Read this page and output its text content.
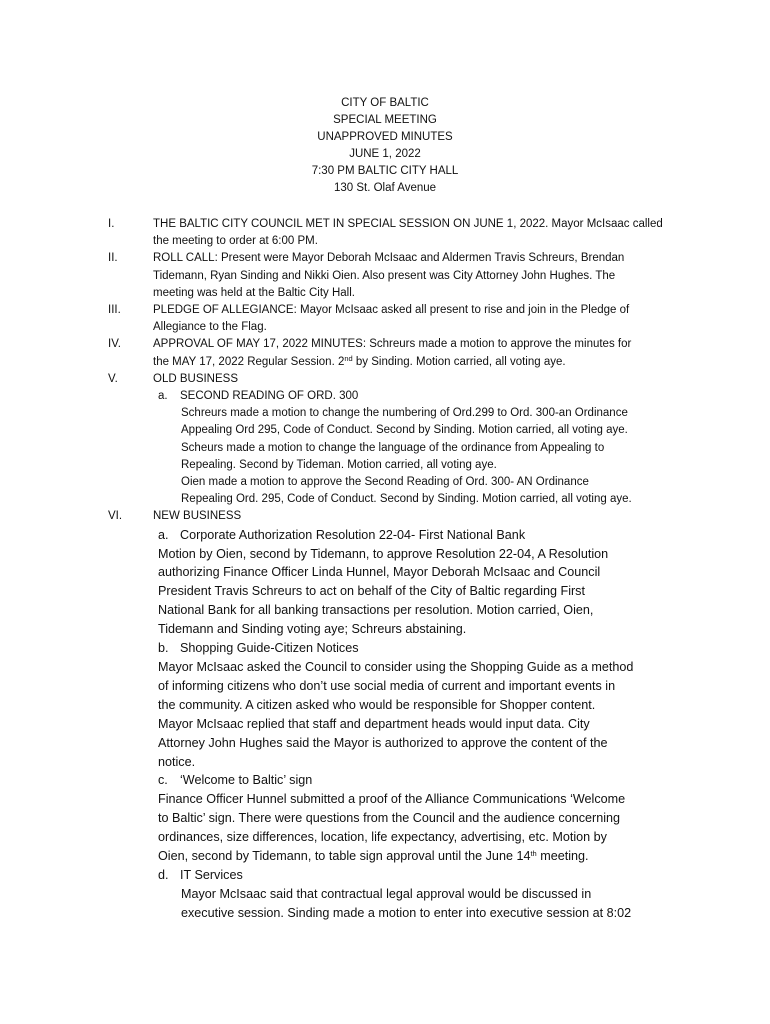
CITY OF BALTIC
SPECIAL MEETING
UNAPPROVED MINUTES
JUNE 1, 2022
7:30 PM BALTIC CITY HALL
130 St. Olaf Avenue
I.	THE BALTIC CITY COUNCIL MET IN SPECIAL SESSION ON JUNE 1, 2022. Mayor McIsaac called
the meeting to order at 6:00 PM.
II.	ROLL CALL: Present were Mayor Deborah McIsaac and Aldermen Travis Schreurs, Brendan
Tidemann, Ryan Sinding and Nikki Oien. Also present was City Attorney John Hughes. The
meeting was held at the Baltic City Hall.
III.	PLEDGE OF ALLEGIANCE: Mayor McIsaac asked all present to rise and join in the Pledge of
Allegiance to the Flag.
IV.	APPROVAL OF MAY 17, 2022 MINUTES: Schreurs made a motion to approve the minutes for
the MAY 17, 2022 Regular Session. 2nd by Sinding. Motion carried, all voting aye.
V.	OLD BUSINESS
a. SECOND READING OF ORD. 300
Schreurs made a motion to change the numbering of Ord.299 to Ord. 300-an Ordinance
Appealing Ord 295, Code of Conduct. Second by Sinding. Motion carried, all voting aye.
Scheurs made a motion to change the language of the ordinance from Appealing to
Repealing. Second by Tideman. Motion carried, all voting aye.
Oien made a motion to approve the Second Reading of Ord. 300- AN Ordinance
Repealing Ord. 295, Code of Conduct. Second by Sinding. Motion carried, all voting aye.
VI.	NEW BUSINESS
a. Corporate Authorization Resolution 22-04- First National Bank
Motion by Oien, second by Tidemann, to approve Resolution 22-04, A Resolution
authorizing Finance Officer Linda Hunnel, Mayor Deborah McIsaac and Council
President Travis Schreurs to act on behalf of the City of Baltic regarding First
National Bank for all banking transactions per resolution. Motion carried, Oien,
Tidemann and Sinding voting aye; Schreurs abstaining.
b. Shopping Guide-Citizen Notices
Mayor McIsaac asked the Council to consider using the Shopping Guide as a method
of informing citizens who don’t use social media of current and important events in
the community. A citizen asked who would be responsible for Shopper content.
Mayor McIsaac replied that staff and department heads would input data. City
Attorney John Hughes said the Mayor is authorized to approve the content of the
notice.
c. ‘Welcome to Baltic’ sign
Finance Officer Hunnel submitted a proof of the Alliance Communications ‘Welcome
to Baltic’ sign. There were questions from the Council and the audience concerning
ordinances, size differences, location, life expectancy, advertising, etc. Motion by
Oien, second by Tidemann, to table sign approval until the June 14th meeting.
d. IT Services
Mayor McIsaac said that contractual legal approval would be discussed in
executive session. Sinding made a motion to enter into executive session at 8:02
